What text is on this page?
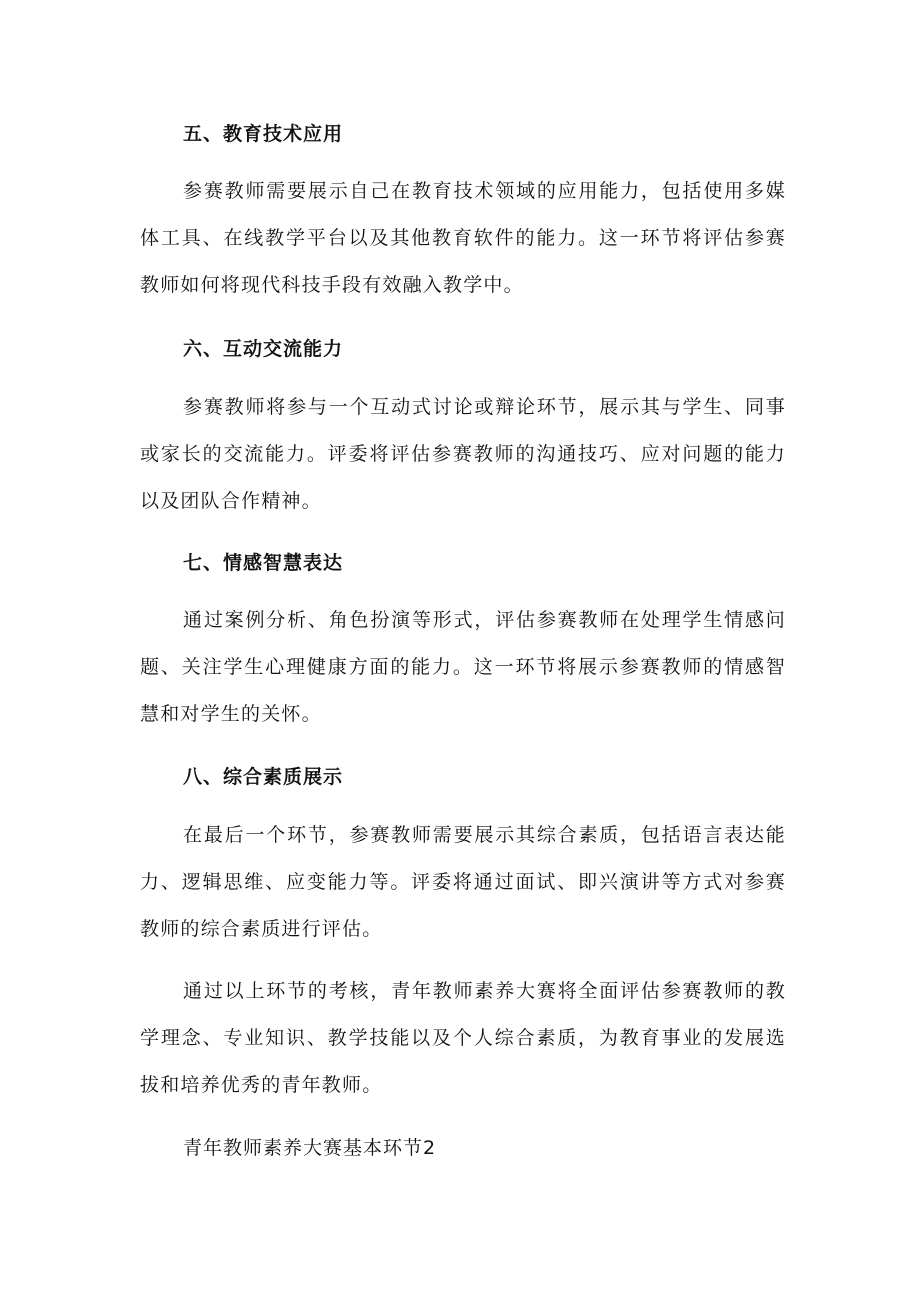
五、教育技术应用

参赛教师需要展示自己在教育技术领域的应用能力，包括使用多媒体工具、在线教学平台以及其他教育软件的能力。这一环节将评估参赛教师如何将现代科技手段有效融入教学中。

六、互动交流能力

参赛教师将参与一个互动式讨论或辩论环节，展示其与学生、同事或家长的交流能力。评委将评估参赛教师的沟通技巧、应对问题的能力以及团队合作精神。

七、情感智慧表达

通过案例分析、角色扮演等形式，评估参赛教师在处理学生情感问题、关注学生心理健康方面的能力。这一环节将展示参赛教师的情感智慧和对学生的关怀。

八、综合素质展示

在最后一个环节，参赛教师需要展示其综合素质，包括语言表达能力、逻辑思维、应变能力等。评委将通过面试、即兴演讲等方式对参赛教师的综合素质进行评估。

通过以上环节的考核，青年教师素养大赛将全面评估参赛教师的教学理念、专业知识、教学技能以及个人综合素质，为教育事业的发展选拔和培养优秀的青年教师。

青年教师素养大赛基本环节2
